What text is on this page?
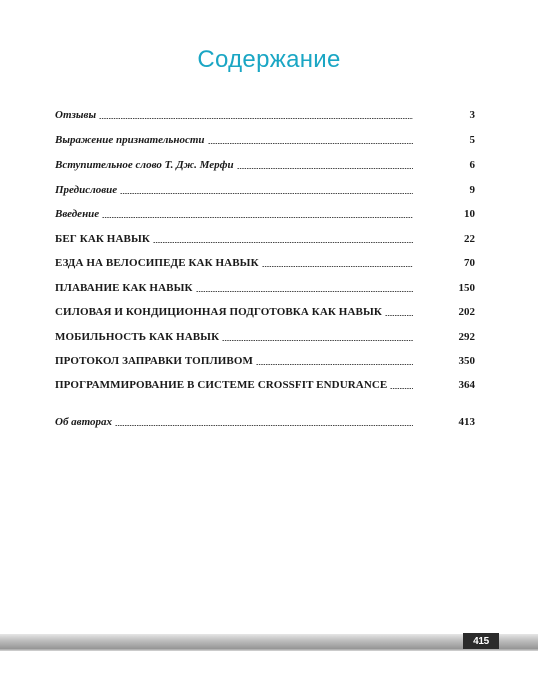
Содержание
Отзывы	3
Выражение признательности	5
Вступительное слово Т. Дж. Мерфи	6
Предисловие	9
Введение	10
БЕГ КАК НАВЫК	22
ЕЗДА НА ВЕЛОСИПЕДЕ КАК НАВЫК	70
ПЛАВАНИЕ КАК НАВЫК	150
СИЛОВАЯ И КОНДИЦИОННАЯ ПОДГОТОВКА КАК НАВЫК	202
МОБИЛЬНОСТЬ КАК НАВЫК	292
ПРОТОКОЛ ЗАПРАВКИ ТОПЛИВОМ	350
ПРОГРАММИРОВАНИЕ В СИСТЕМЕ CROSSFIT ENDURANCE	364
Об авторах	413
415
